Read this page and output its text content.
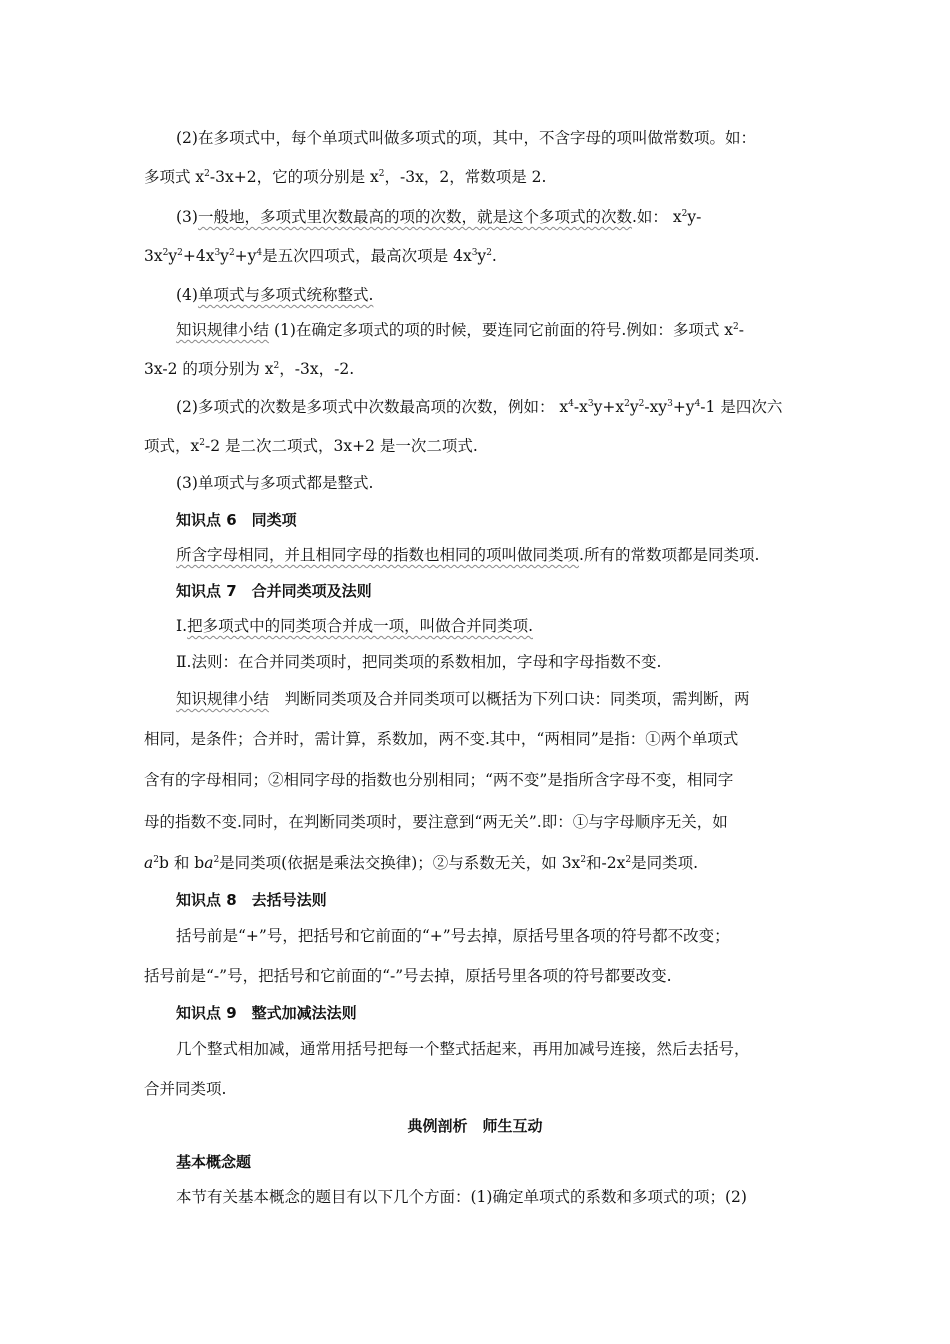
(2)在多项式中，每个单项式叫做多项式的项，其中，不含字母的项叫做常数项。如：
多项式 $x^2-3x+2$，它的项分别是 $x^2$，-3x，2，常数项是 2.
(3)一般地，多项式里次数最高的项的次数，就是这个多项式的次数.如： $x^2y-$
$3x^2y^2+4x^3y^2+y^4$是五次四项式，最高次项是 $4x^3y^2$.
(4)单项式与多项式统称整式.
知识规律小结 (1)在确定多项式的项的时候，要连同它前面的符号.例如：多项式 $x^2-$
3x-2 的项分别为 $x^2$，-3x，-2.
(2)多项式的次数是多项式中次数最高项的次数，例如： $x^4-x^3y+x^2y^2-xy^3+y^4-1$ 是四次六
项式，$x^2-2$ 是二次二项式，3x+2 是一次二项式.
(3)单项式与多项式都是整式.
知识点 6　同类项
所含字母相同，并且相同字母的指数也相同的项叫做同类项.所有的常数项都是同类项.
知识点 7　合并同类项及法则
Ⅰ.把多项式中的同类项合并成一项，叫做合并同类项.
Ⅱ.法则：在合并同类项时，把同类项的系数相加，字母和字母指数不变.
知识规律小结　判断同类项及合并同类项可以概括为下列口诀：同类项，需判断，两
相同，是条件；合并时，需计算，系数加，两不变.其中，“两相同”是指：①两个单项式
含有的字母相同；②相同字母的指数也分别相同；“两不变”是指所含字母不变，相同字
母的指数不变.同时，在判断同类项时，要注意到“两无关”.即：①与字母顺序无关，如
$a^2b$ 和 $ba^2$是同类项(依据是乘法交换律)；②与系数无关，如 $3x^2$和$-2x^2$是同类项.
知识点 8　去括号法则
括号前是“+”号，把括号和它前面的“+”号去掉，原括号里各项的符号都不改变；
括号前是“-”号，把括号和它前面的“-”号去掉，原括号里各项的符号都要改变.
知识点 9　整式加减法法则
几个整式相加减，通常用括号把每一个整式括起来，再用加减号连接，然后去括号，
合并同类项.
典例剖析　师生互动
基本概念题
本节有关基本概念的题目有以下几个方面：(1)确定单项式的系数和多项式的项；(2)
